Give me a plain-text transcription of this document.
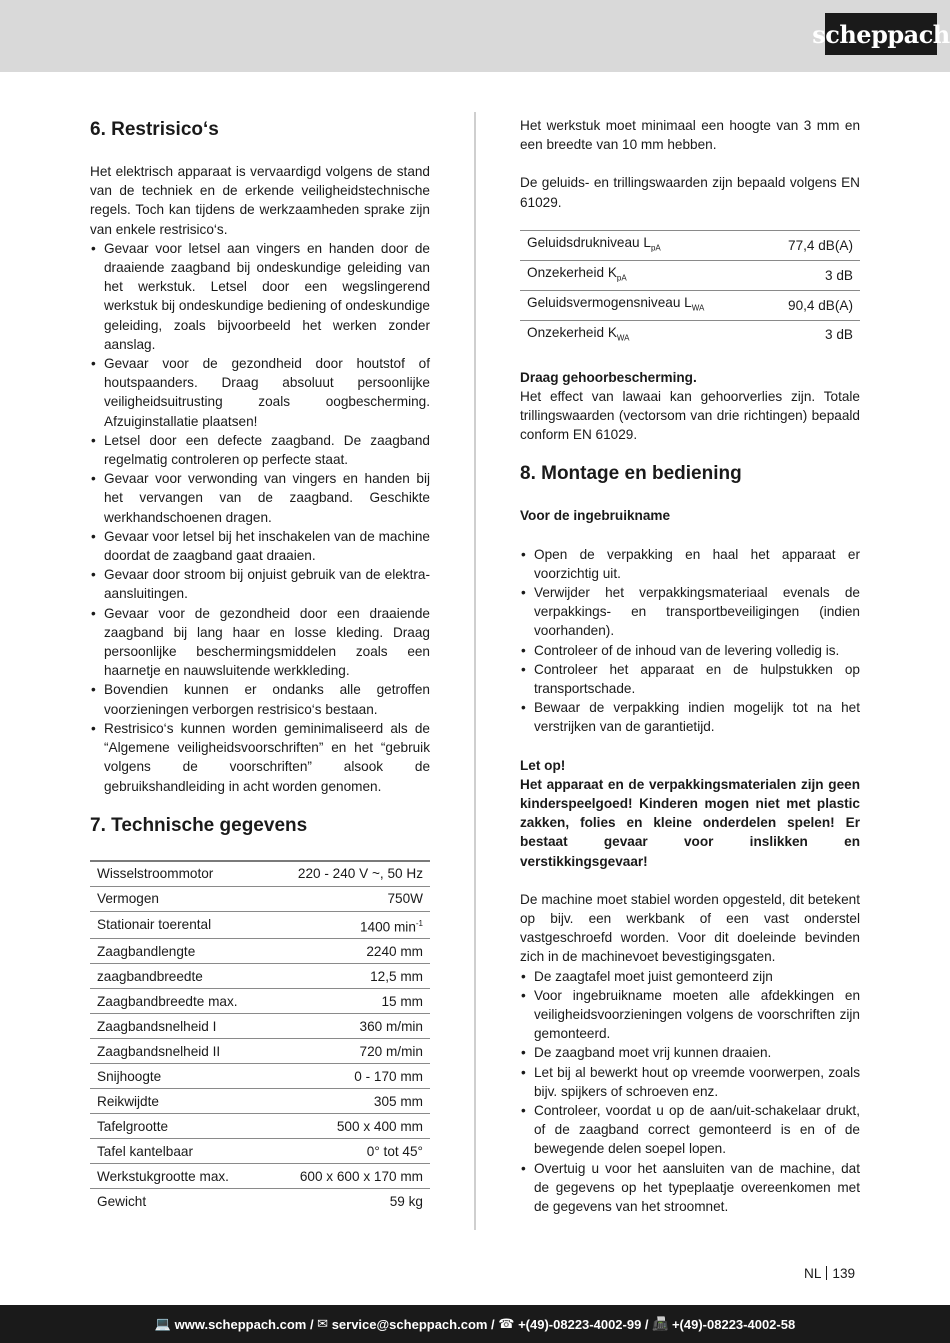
scheppach
6. Restrisico‘s

Het elektrisch apparaat is vervaardigd volgens de stand van de techniek en de erkende veiligheidstechnische regels. Toch kan tijdens de werkzaamheden sprake zijn van enkele restrisico‘s.

• Gevaar voor letsel aan vingers en handen door de draaiende zaagband bij ondeskundige geleiding van het werkstuk. Letsel door een wegslingerend werkstuk bij ondeskundige bediening of ondeskundige geleiding, zoals bijvoorbeeld het werken zonder aanslag.
• Gevaar voor de gezondheid door houtstof of houtspaanders. Draag absoluut persoonlijke veiligheidsuitrusting zoals oogbescherming. Afzuiginstallatie plaatsen!
• Letsel door een defecte zaagband. De zaagband regelmatig controleren op perfecte staat.
• Gevaar voor verwonding van vingers en handen bij het vervangen van de zaagband. Geschikte werkhandschoenen dragen.
• Gevaar voor letsel bij het inschakelen van de machine doordat de zaagband gaat draaien.
• Gevaar door stroom bij onjuist gebruik van de elektra-aansluitingen.
• Gevaar voor de gezondheid door een draaiende zaagband bij lang haar en losse kleding. Draag persoonlijke beschermingsmiddelen zoals een haarnetje en nauwsluitende werkkleding.
• Bovendien kunnen er ondanks alle getroffen voorzieningen verborgen restrisico‘s bestaan.
• Restrisico‘s kunnen worden geminimaliseerd als de “Algemene veiligheidsvoorschriften” en het “gebruik volgens de voorschriften” alsook de gebruikshandleiding in acht worden genomen.
7. Technische gegevens
Wisselstroommotor	220 - 240 V ~, 50 Hz
Vermogen	750W
Stationair toerental	1400 $\min^{-1}$
Zaagbandlengte	2240 mm
zaagbandbreedte	12,5 mm
Zaagbandbreedte max.	15 mm
Zaagbandsnelheid I	360 m/min
Zaagbandsnelheid II	720 m/min
Snijhoogte	0 - 170 mm
Reikwijdte	305 mm
Tafelgrootte	500 x 400 mm
Tafel kantelbaar	0° tot 45°
Werkstukgrootte max.	600 x 600 x 170 mm
Gewicht	59 kg

Het werkstuk moet minimaal een hoogte van 3 mm en een breedte van 10 mm hebben.

De geluids- en trillingswaarden zijn bepaald volgens EN 61029.

Geluidsdrukniveau $L_{pA}$	77,4 dB(A)
Onzekerheid $K_{pA}$	3 dB
Geluidsvermogensniveau $L_{WA}$	90,4 dB(A)
Onzekerheid $K_{WA}$	3 dB

Draag gehoorbescherming.

Het effect van lawaai kan gehoorverlies zijn. Totale trillingswaarden (vectorsom van drie richtingen) bepaald conform EN 61029.

8. Montage en bediening

Voor de ingebruikname

• Open de verpakking en haal het apparaat er voorzichtig uit.
• Verwijder het verpakkingsmateriaal evenals de verpakkings- en transportbeveiligingen (indien voorhanden).
• Controleer of de inhoud van de levering volledig is.
• Controleer het apparaat en de hulpstukken op transportschade.
• Bewaar de verpakking indien mogelijk tot na het verstrijken van de garantietijd.

Let op!

Het apparaat en de verpakkingsmaterialen zijn geen kinderspeelgoed! Kinderen mogen niet met plastic zakken, folies en kleine onderdelen spelen! Er bestaat gevaar voor inslikken en verstikkingsgevaar!

De machine moet stabiel worden opgesteld, dit betekent op bijv. een werkbank of een vast onderstel vastgeschroefd worden. Voor dit doeleinde bevinden zich in de machinevoet bevestigingsgaten.

• De zaagtafel moet juist gemonteerd zijn
• Voor ingebruikname moeten alle afdekkingen en veiligheidsvoorzieningen volgens de voorschriften zijn gemonteerd.
• De zaagband moet vrij kunnen draaien.
• Let bij al bewerkt hout op vreemde voorwerpen, zoals bijv. spijkers of schroeven enz.
• Controleer, voordat u op de aan/uit-schakelaar drukt, of de zaagband correct gemonteerd is en of de bewegende delen soepel lopen.
• Overtuig u voor het aansluiten van de machine, dat de gegevens op het typeplaatje overeenkomen met de gegevens van het stroomnet.
NL 139
💻 www.scheppach.com / ✉ service@scheppach.com / ☎ +(49)-08223-4002-99 / 📠 +(49)-08223-4002-58
